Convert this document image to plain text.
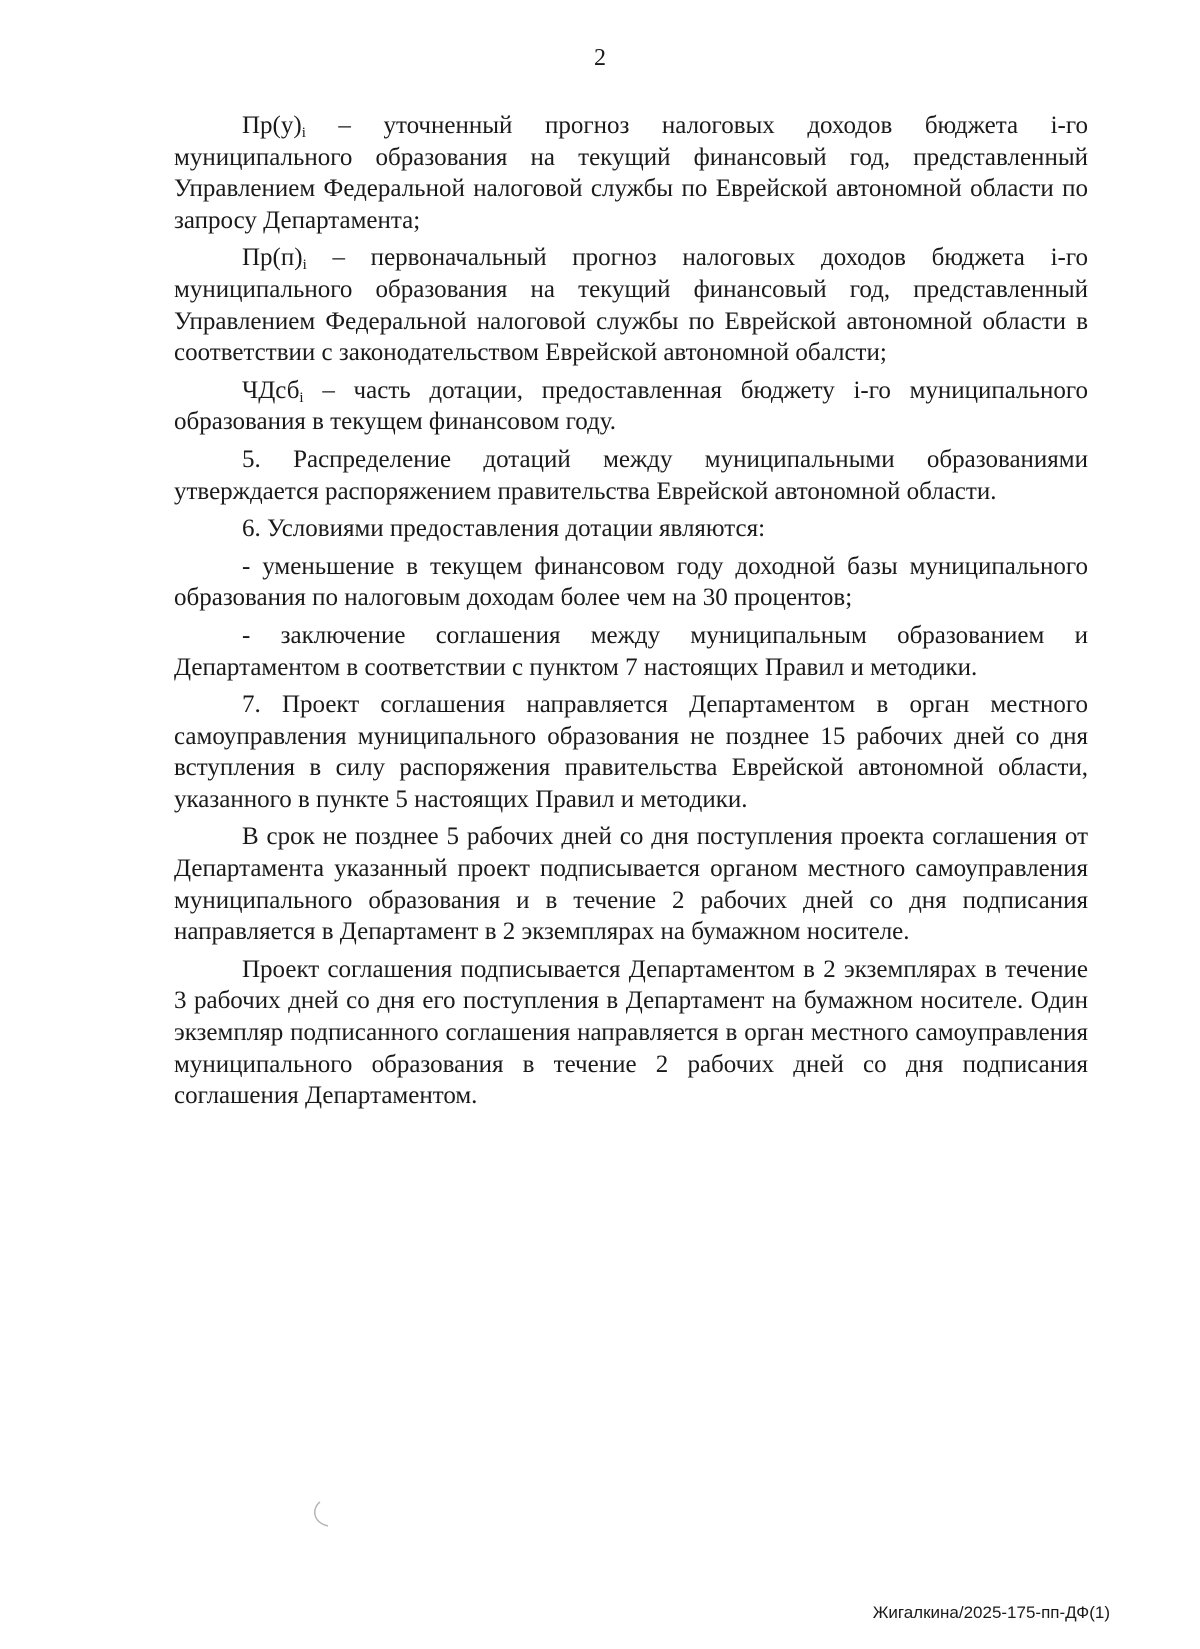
2

$Пр(у)_i$ – уточненный прогноз налоговых доходов бюджета i-го муниципального образования на текущий финансовый год, представленный Управлением Федеральной налоговой службы по Еврейской автономной области по запросу Департамента;

$Пр(п)_i$ – первоначальный прогноз налоговых доходов бюджета i-го муниципального образования на текущий финансовый год, представленный Управлением Федеральной налоговой службы по Еврейской автономной области в соответствии с законодательством Еврейской автономной обалсти;

ЧДсб$_i$ – часть дотации, предоставленная бюджету i-го муниципального образования в текущем финансовом году.

5. Распределение дотаций между муниципальными образованиями утверждается распоряжением правительства Еврейской автономной области.

6. Условиями предоставления дотации являются:

- уменьшение в текущем финансовом году доходной базы муниципального образования по налоговым доходам более чем на 30 процентов;

- заключение соглашения между муниципальным образованием и Департаментом в соответствии с пунктом 7 настоящих Правил и методики.

7. Проект соглашения направляется Департаментом в орган местного самоуправления муниципального образования не позднее 15 рабочих дней со дня вступления в силу распоряжения правительства Еврейской автономной области, указанного в пункте 5 настоящих Правил и методики.

В срок не позднее 5 рабочих дней со дня поступления проекта соглашения от Департамента указанный проект подписывается органом местного самоуправления муниципального образования и в течение 2 рабочих дней со дня подписания направляется в Департамент в 2 экземплярах на бумажном носителе.

Проект соглашения подписывается Департаментом в 2 экземплярах в течение 3 рабочих дней со дня его поступления в Департамент на бумажном носителе. Один экземпляр подписанного соглашения направляется в орган местного самоуправления муниципального образования в течение 2 рабочих дней со дня подписания соглашения Департаментом.

Жигалкина/2025-175-пп-ДФ(1)
